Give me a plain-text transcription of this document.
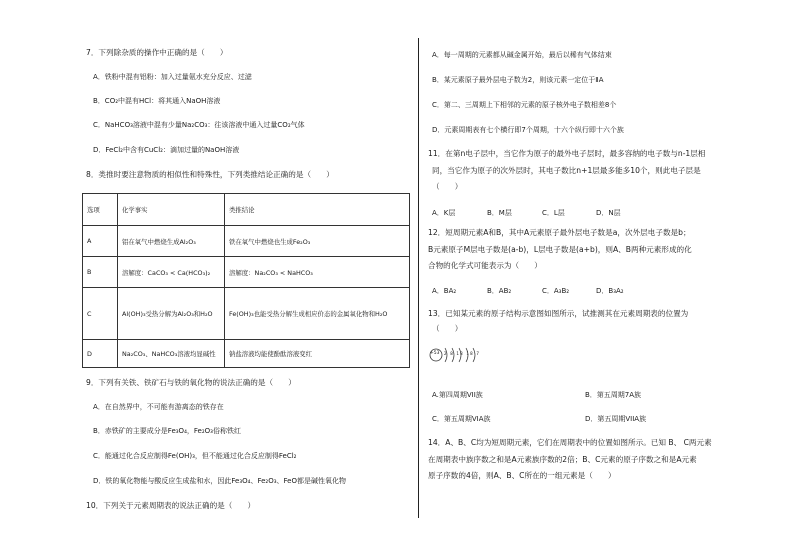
7．下列除杂质的操作中正确的是（　　）
A．铁粉中混有铝粉：加入过量氨水充分反应、过滤
B．CO₂中混有HCl：将其通入NaOH溶液
C．NaHCO₃溶液中混有少量Na₂CO₃：往该溶液中通入过量CO₂气体
D．FeCl₂中含有CuCl₂：滴加过量的NaOH溶液
8．类推时要注意物质的相似性和特殊性，下列类推结论正确的是（　　）
选项	化学事实	类推结论
A	铝在氧气中燃烧生成Al₂O₃	铁在氧气中燃烧也生成Fe₂O₃
B	溶解度：CaCO₃ < Ca(HCO₃)₂	溶解度：Na₂CO₃ < NaHCO₃
C	Al(OH)₃受热分解为Al₂O₃和H₂O	Fe(OH)₃也能受热分解生成相应价态的金属氧化物和H₂O
D	Na₂CO₃、NaHCO₃溶液均显碱性	钠盐溶液均能使酚酞溶液变红
9．下列有关铁、铁矿石与铁的氧化物的说法正确的是（　　）
A．在自然界中，不可能有游离态的铁存在
B．赤铁矿的主要成分是Fe₃O₄，Fe₂O₃俗称铁红
C．能通过化合反应制得Fe(OH)₃，但不能通过化合反应制得FeCl₂
D．铁的氧化物能与酸反应生成盐和水，因此Fe₃O₄、Fe₂O₃、FeO都是碱性氧化物
10．下列关于元素周期表的说法正确的是（　　）
A．每一周期的元素都从碱金属开始，最后以稀有气体结束
B．某元素原子最外层电子数为2，则该元素一定位于ⅡA
C．第二、三周期上下相邻的元素的原子核外电子数相差8个
D．元素周期表有七个横行即7个周期，十六个纵行即十六个族
11．在第n电子层中，当它作为原子的最外电子层时，最多容纳的电子数与n-1层相
同，当它作为原子的次外层时，其电子数比n+1层最多能多10个，则此电子层是
（　　）
A．K层	B．M层	C．L层	D．N层
12．短周期元素A和B，其中A元素原子最外层电子数是a，次外层电子数是b；
B元素原子M层电子数是(a-b)，L层电子数是(a+b)，则A、B两种元素形成的化
合物的化学式可能表示为（　　）
A．BA₂	B．AB₂	C．A₃B₂	D．B₃A₂
13．已知某元素的原子结构示意图如图所示，试推测其在元素周期表的位置为
（　　）
+53 2 8 18 18 7
A.第四周期VII族	B．第五周期7A族
C．第五周期VIA族	D．第五周期VIIA族
14．A、B、C均为短周期元素，它们在周期表中的位置如图所示。已知 B、 C两元素
在周期表中族序数之和是A元素族序数的2倍；B、C元素的原子序数之和是A元素
原子序数的4倍，则A、B、C所在的一组元素是（　　）
